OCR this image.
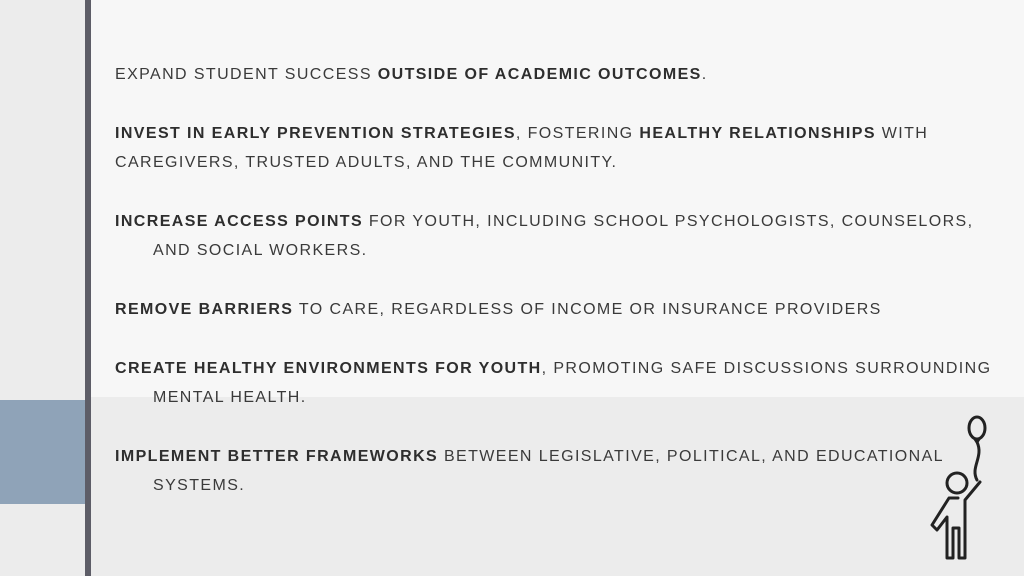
EXPAND STUDENT SUCCESS OUTSIDE OF ACADEMIC OUTCOMES.
INVEST IN EARLY PREVENTION STRATEGIES, FOSTERING HEALTHY RELATIONSHIPS WITH CAREGIVERS, TRUSTED ADULTS, AND THE COMMUNITY.
INCREASE ACCESS POINTS FOR YOUTH, INCLUDING SCHOOL PSYCHOLOGISTS, COUNSELORS, AND SOCIAL WORKERS.
REMOVE BARRIERS TO CARE, REGARDLESS OF INCOME OR INSURANCE PROVIDERS
CREATE HEALTHY ENVIRONMENTS FOR YOUTH, PROMOTING SAFE DISCUSSIONS SURROUNDING MENTAL HEALTH.
IMPLEMENT BETTER FRAMEWORKS BETWEEN LEGISLATIVE, POLITICAL, AND EDUCATIONAL SYSTEMS.
